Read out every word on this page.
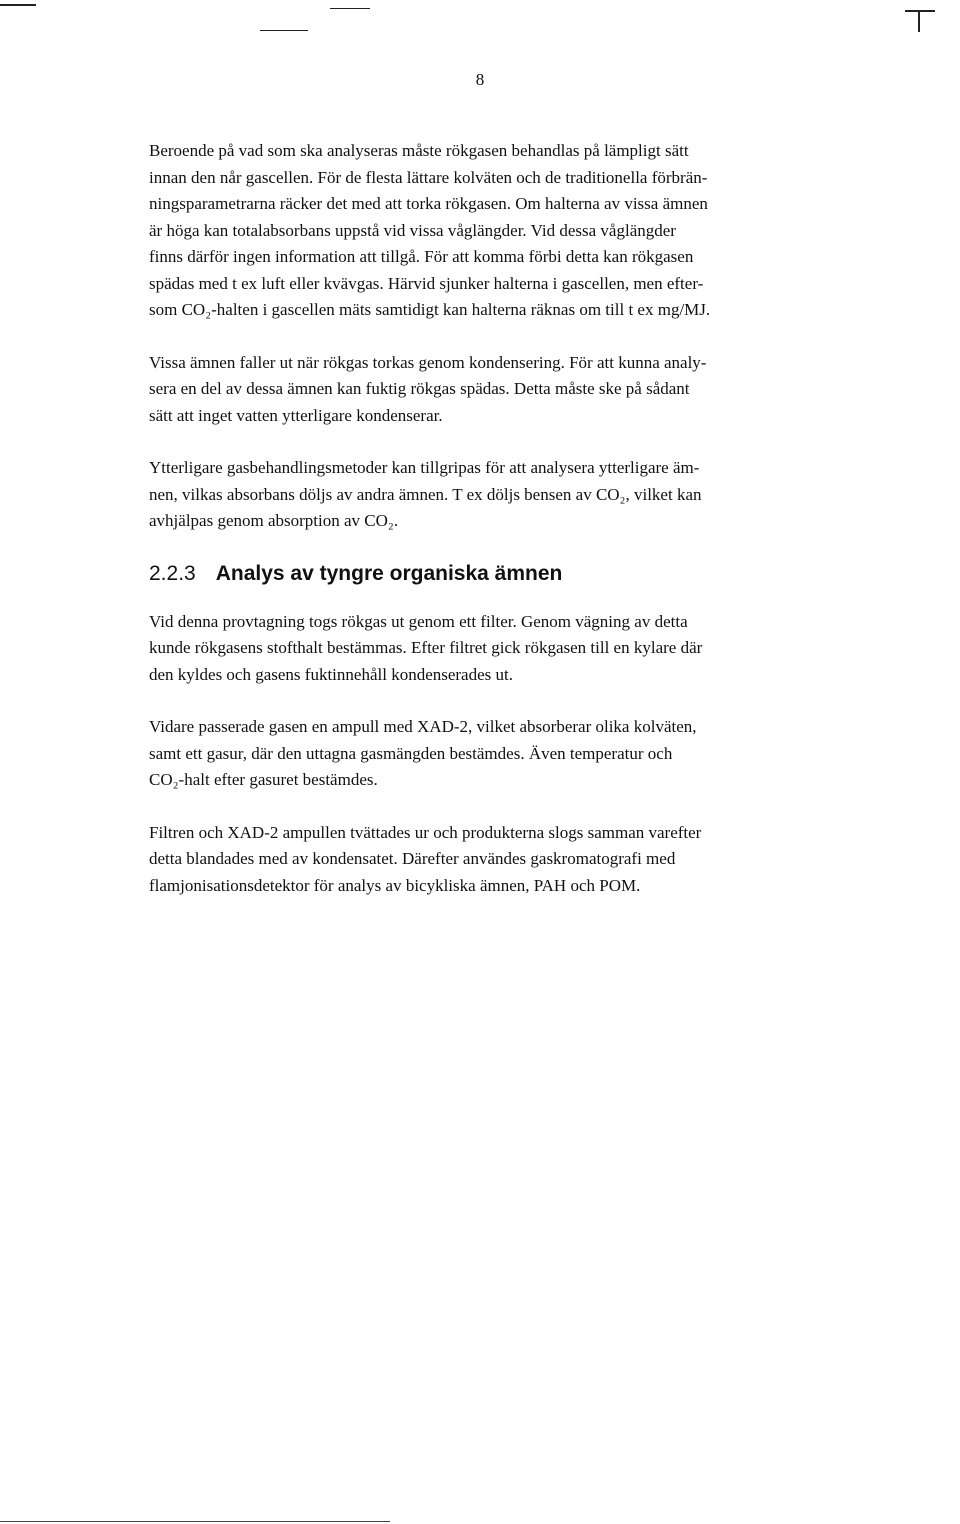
8

Beroende på vad som ska analyseras måste rökgasen behandlas på lämpligt sätt
innan den når gascellen. För de flesta lättare kolväten och de traditionella förbrän-
ningsparametrarna räcker det med att torka rökgasen. Om halterna av vissa ämnen
är höga kan totalabsorbans uppstå vid vissa våglängder. Vid dessa våglängder
finns därför ingen information att tillgå. För att komma förbi detta kan rökgasen
spädas med t ex luft eller kvävgas. Härvid sjunker halterna i gascellen, men efter-
som CO₂-halten i gascellen mäts samtidigt kan halterna räknas om till t ex mg/MJ.

Vissa ämnen faller ut när rökgas torkas genom kondensering. För att kunna analy-
sera en del av dessa ämnen kan fuktig rökgas spädas. Detta måste ske på sådant
sätt att inget vatten ytterligare kondenserar.

Ytterligare gasbehandlingsmetoder kan tillgripas för att analysera ytterligare äm-
nen, vilkas absorbans döljs av andra ämnen. T ex döljs bensen av CO₂, vilket kan
avhjälpas genom absorption av CO₂.

2.2.3 Analys av tyngre organiska ämnen

Vid denna provtagning togs rökgas ut genom ett filter. Genom vägning av detta
kunde rökgasens stofthalt bestämmas. Efter filtret gick rökgasen till en kylare där
den kyldes och gasens fuktinnehåll kondenserades ut.

Vidare passerade gasen en ampull med XAD-2, vilket absorberar olika kolväten,
samt ett gasur, där den uttagna gasmängden bestämdes. Även temperatur och
CO₂-halt efter gasuret bestämdes.

Filtren och XAD-2 ampullen tvättades ur och produkterna slogs samman varefter
detta blandades med av kondensatet. Därefter användes gaskromatografi med
flamjonisationsdetektor för analys av bicykliska ämnen, PAH och POM.
